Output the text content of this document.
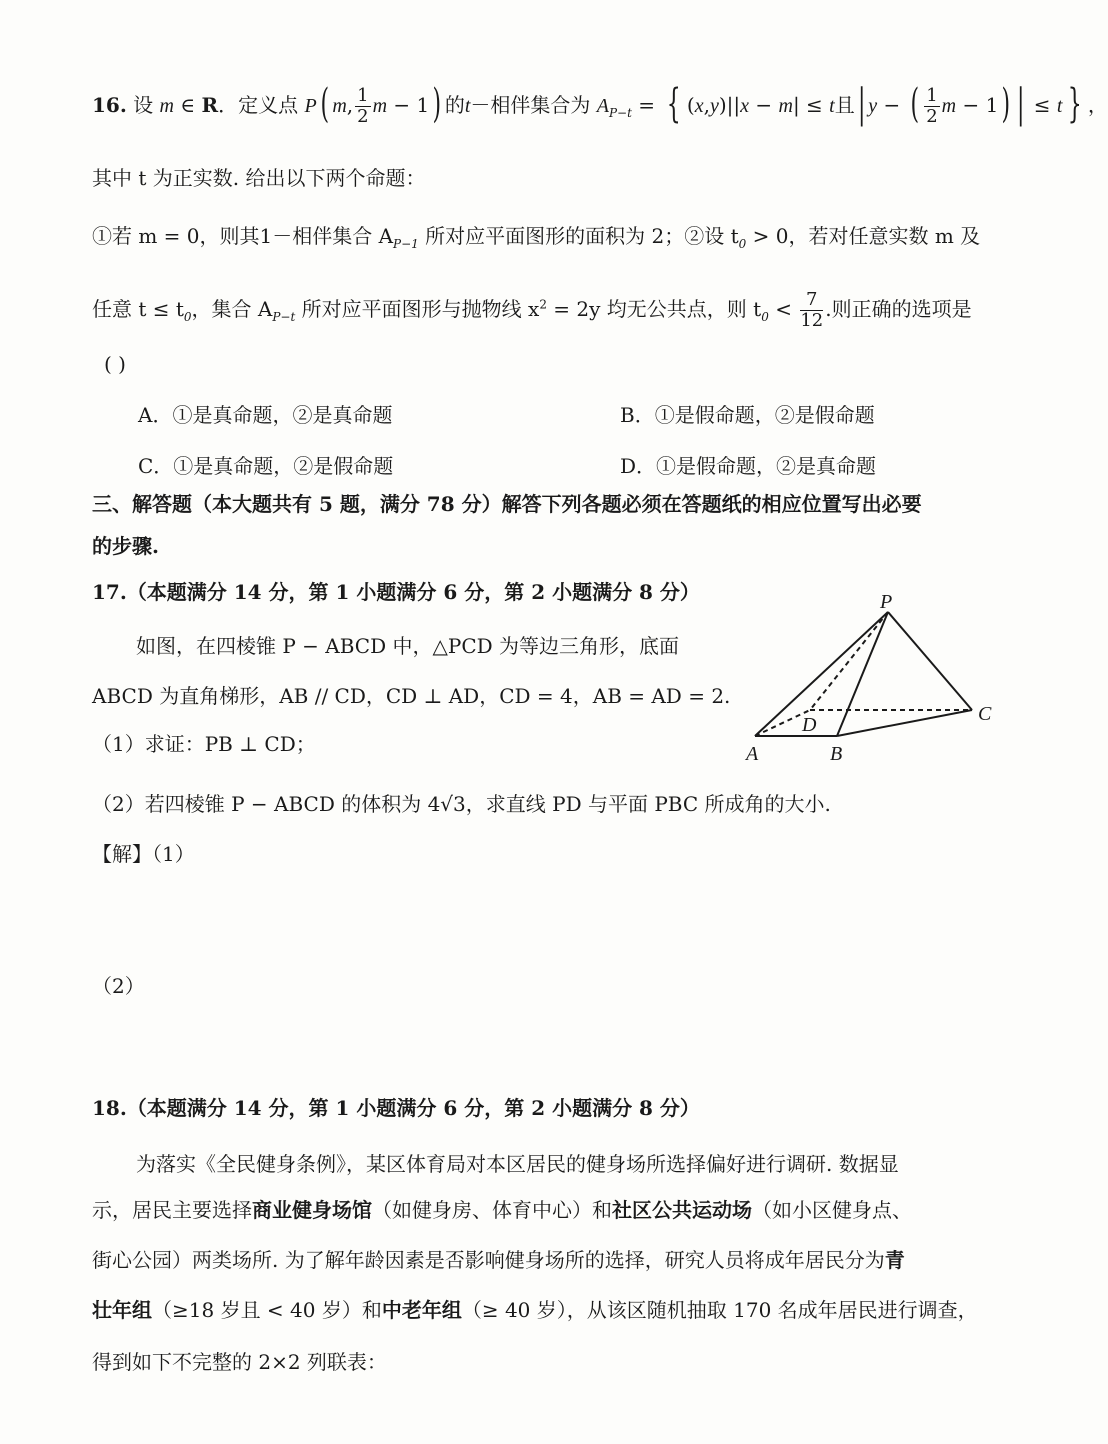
16. 设 m ∈ R．定义点 P( m, $\frac{1}{2}$ m − 1) 的t－相伴集合为 $A_{P-t}$ = { (x,y)||x − m| ≤ t且| y − ( $\frac{1}{2}$ m − 1) | ≤ t } ，
其中 t 为正实数. 给出以下两个命题：
①若 m = 0，则其1－相伴集合 $A_{P-1}$ 所对应平面图形的面积为 2；②设 $t_0 > 0$，若对任意实数 m 及
任意 $t \le t_0$，集合 $A_{P-t}$ 所对应平面图形与抛物线 $x^2 = 2y$ 均无公共点，则 $t_0 < \frac{7}{12}$ .则正确的选项是
( )
A．①是真命题，②是真命题	B．①是假命题，②是假命题
C．①是真命题，②是假命题	D．①是假命题，②是真命题
三、解答题（本大题共有 5 题，满分 78 分）解答下列各题必须在答题纸的相应位置写出必要
的步骤.
17.（本题满分 14 分，第 1 小题满分 6 分，第 2 小题满分 8 分）
如图，在四棱锥 P − ABCD 中，△PCD 为等边三角形，底面
ABCD 为直角梯形，AB // CD，CD ⊥ AD，CD = 4，AB = AD = 2.
（1）求证：PB ⊥ CD；
（2）若四棱锥 P − ABCD 的体积为 4√3，求直线 PD 与平面 PBC 所成角的大小.
【解】（1）
（2）
P
A	B
C
D
18.（本题满分 14 分，第 1 小题满分 6 分，第 2 小题满分 8 分）
为落实《全民健身条例》，某区体育局对本区居民的健身场所选择偏好进行调研. 数据显
示，居民主要选择商业健身场馆（如健身房、体育中心）和社区公共运动场（如小区健身点、
街心公园）两类场所. 为了解年龄因素是否影响健身场所的选择，研究人员将成年居民分为青
壮年组（≥18 岁且 < 40 岁）和中老年组（≥ 40 岁），从该区随机抽取 170 名成年居民进行调查，
得到如下不完整的 2×2 列联表：
